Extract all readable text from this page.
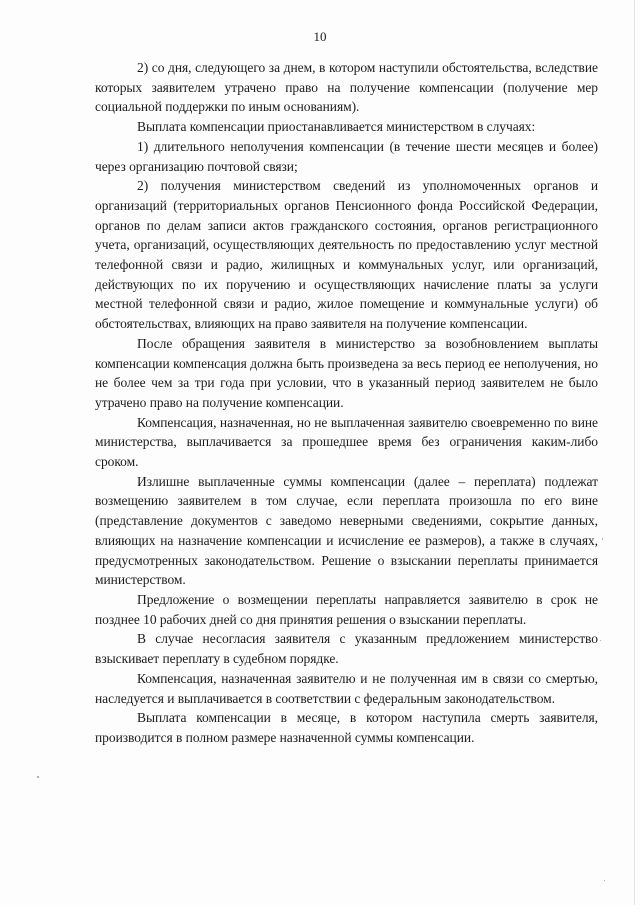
10

2) со дня, следующего за днем, в котором наступили обстоятельства, вследствие которых заявителем утрачено право на получение компенсации (получение мер социальной поддержки по иным основаниям).

Выплата компенсации приостанавливается министерством в случаях:

1) длительного неполучения компенсации (в течение шести месяцев и более) через организацию почтовой связи;

2) получения министерством сведений из уполномоченных органов и организаций (территориальных органов Пенсионного фонда Российской Федерации, органов по делам записи актов гражданского состояния, органов регистрационного учета, организаций, осуществляющих деятельность по предоставлению услуг местной телефонной связи и радио, жилищных и коммунальных услуг, или организаций, действующих по их поручению и осуществляющих начисление платы за услуги местной телефонной связи и радио, жилое помещение и коммунальные услуги) об обстоятельствах, влияющих на право заявителя на получение компенсации.

После обращения заявителя в министерство за возобновлением выплаты компенсации компенсация должна быть произведена за весь период ее неполучения, но не более чем за три года при условии, что в указанный период заявителем не было утрачено право на получение компенсации.

Компенсация, назначенная, но не выплаченная заявителю своевременно по вине министерства, выплачивается за прошедшее время без ограничения каким-либо сроком.

Излишне выплаченные суммы компенсации (далее – переплата) подлежат возмещению заявителем в том случае, если переплата произошла по его вине (представление документов с заведомо неверными сведениями, сокрытие данных, влияющих на назначение компенсации и исчисление ее размеров), а также в случаях, предусмотренных законодательством. Решение о взыскании переплаты принимается министерством.

Предложение о возмещении переплаты направляется заявителю в срок не позднее 10 рабочих дней со дня принятия решения о взыскании переплаты.

В случае несогласия заявителя с указанным предложением министерство взыскивает переплату в судебном порядке.

Компенсация, назначенная заявителю и не полученная им в связи со смертью, наследуется и выплачивается в соответствии с федеральным законодательством.

Выплата компенсации в месяце, в котором наступила смерть заявителя, производится в полном размере назначенной суммы компенсации.
